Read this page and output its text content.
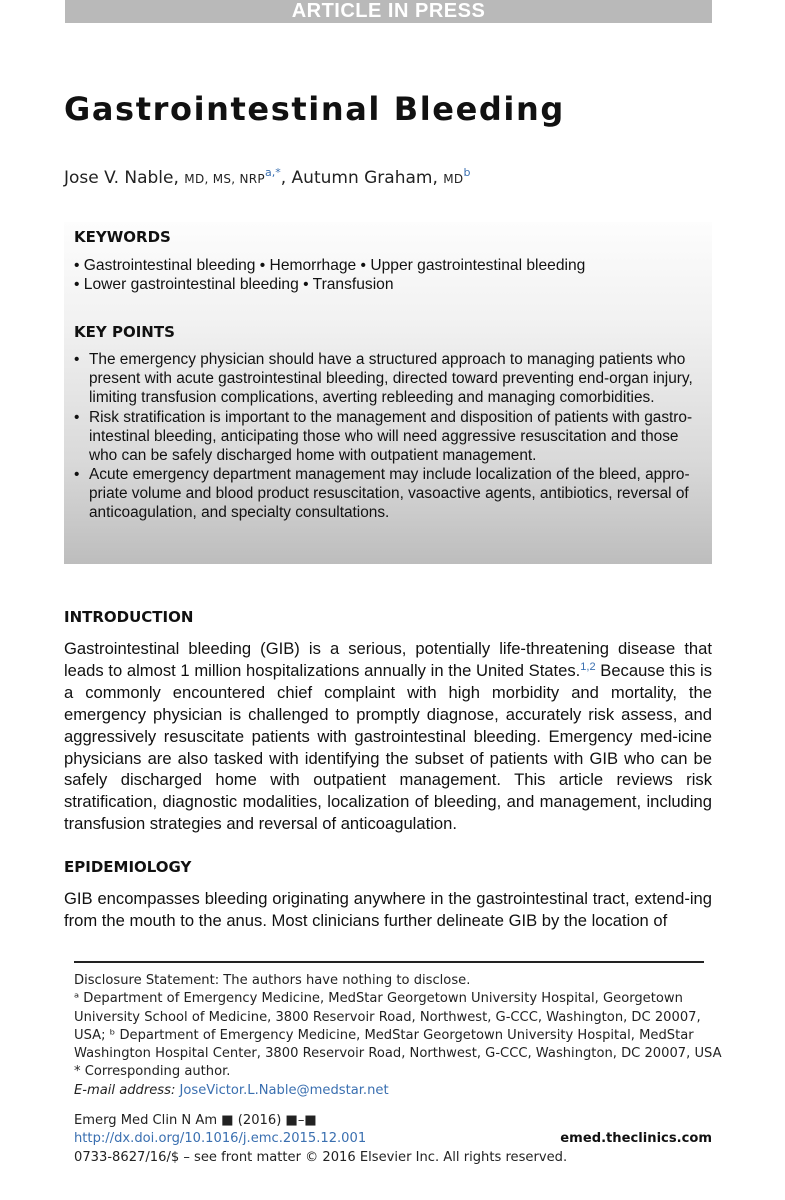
ARTICLE IN PRESS
Gastrointestinal Bleeding
Jose V. Nable, MD, MS, $NRP^{a,*}$, Autumn Graham, $MD^b$
KEYWORDS
• Gastrointestinal bleeding • Hemorrhage • Upper gastrointestinal bleeding
• Lower gastrointestinal bleeding • Transfusion
KEY POINTS
• The emergency physician should have a structured approach to managing patients who present with acute gastrointestinal bleeding, directed toward preventing end-organ injury, limiting transfusion complications, averting rebleeding and managing comorbidities.
• Risk stratification is important to the management and disposition of patients with gastro-intestinal bleeding, anticipating those who will need aggressive resuscitation and those who can be safely discharged home with outpatient management.
• Acute emergency department management may include localization of the bleed, appro-priate volume and blood product resuscitation, vasoactive agents, antibiotics, reversal of anticoagulation, and specialty consultations.
INTRODUCTION

Gastrointestinal bleeding (GIB) is a serious, potentially life-threatening disease that leads to almost 1 million hospitalizations annually in the United States.$^{1,2}$ Because this is a commonly encountered chief complaint with high morbidity and mortality, the emergency physician is challenged to promptly diagnose, accurately risk assess, and aggressively resuscitate patients with gastrointestinal bleeding. Emergency med-icine physicians are also tasked with identifying the subset of patients with GIB who can be safely discharged home with outpatient management. This article reviews risk stratification, diagnostic modalities, localization of bleeding, and management, including transfusion strategies and reversal of anticoagulation.

EPIDEMIOLOGY

GIB encompasses bleeding originating anywhere in the gastrointestinal tract, extend-ing from the mouth to the anus. Most clinicians further delineate GIB by the location of

Disclosure Statement: The authors have nothing to disclose.
ᵃ Department of Emergency Medicine, MedStar Georgetown University Hospital, Georgetown
University School of Medicine, 3800 Reservoir Road, Northwest, G-CCC, Washington, DC 20007,
USA; ᵇ Department of Emergency Medicine, MedStar Georgetown University Hospital, MedStar
Washington Hospital Center, 3800 Reservoir Road, Northwest, G-CCC, Washington, DC 20007, USA
* Corresponding author.
E-mail address: JoseVictor.L.Nable@medstar.net
Emerg Med Clin N Am ■ (2016) ■–■
http://dx.doi.org/10.1016/j.emc.2015.12.001
0733-8627/16/$ – see front matter © 2016 Elsevier Inc. All rights reserved.
emed.theclinics.com
